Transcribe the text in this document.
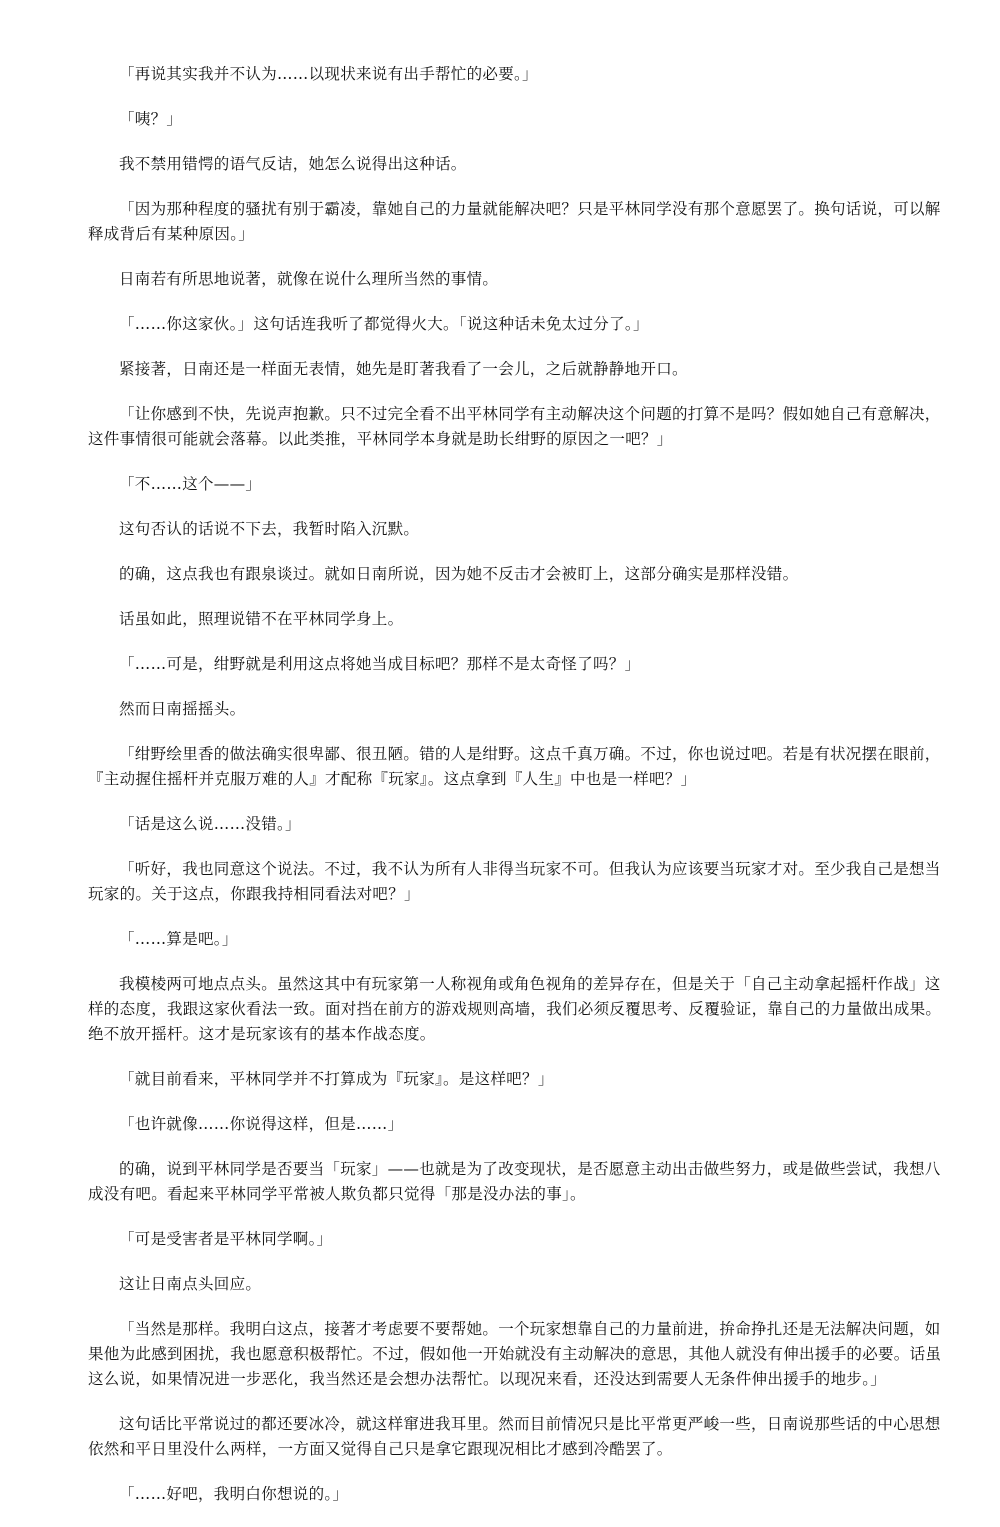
「再说其实我并不认为……以现状来说有出手帮忙的必要。」

「咦？」

我不禁用错愕的语气反诘，她怎么说得出这种话。

「因为那种程度的骚扰有别于霸凌，靠她自己的力量就能解决吧？只是平林同学没有那个意愿罢了。换句话说，可以解释成背后有某种原因。」

日南若有所思地说著，就像在说什么理所当然的事情。

「……你这家伙。」这句话连我听了都觉得火大。「说这种话未免太过分了。」

紧接著，日南还是一样面无表情，她先是盯著我看了一会儿，之后就静静地开口。

「让你感到不快，先说声抱歉。只不过完全看不出平林同学有主动解决这个问题的打算不是吗？假如她自己有意解决，这件事情很可能就会落幕。以此类推，平林同学本身就是助长绀野的原因之一吧？」

「不……这个——」

这句否认的话说不下去，我暂时陷入沉默。

的确，这点我也有跟泉谈过。就如日南所说，因为她不反击才会被盯上，这部分确实是那样没错。

话虽如此，照理说错不在平林同学身上。

「……可是，绀野就是利用这点将她当成目标吧？那样不是太奇怪了吗？」

然而日南摇摇头。

「绀野绘里香的做法确实很卑鄙、很丑陋。错的人是绀野。这点千真万确。不过，你也说过吧。若是有状况摆在眼前，『主动握住摇杆并克服万难的人』才配称『玩家』。这点拿到『人生』中也是一样吧？」

「话是这么说……没错。」

「听好，我也同意这个说法。不过，我不认为所有人非得当玩家不可。但我认为应该要当玩家才对。至少我自己是想当玩家的。关于这点，你跟我持相同看法对吧？」

「……算是吧。」

我模棱两可地点点头。虽然这其中有玩家第一人称视角或角色视角的差异存在，但是关于「自己主动拿起摇杆作战」这样的态度，我跟这家伙看法一致。面对挡在前方的游戏规则高墙，我们必须反覆思考、反覆验证，靠自己的力量做出成果。绝不放开摇杆。这才是玩家该有的基本作战态度。

「就目前看来，平林同学并不打算成为『玩家』。是这样吧？」

「也许就像……你说得这样，但是……」

的确，说到平林同学是否要当「玩家」——也就是为了改变现状，是否愿意主动出击做些努力，或是做些尝试，我想八成没有吧。看起来平林同学平常被人欺负都只觉得「那是没办法的事」。

「可是受害者是平林同学啊。」

这让日南点头回应。

「当然是那样。我明白这点，接著才考虑要不要帮她。一个玩家想靠自己的力量前进，拚命挣扎还是无法解决问题，如果他为此感到困扰，我也愿意积极帮忙。不过，假如他一开始就没有主动解决的意思，其他人就没有伸出援手的必要。话虽这么说，如果情况进一步恶化，我当然还是会想办法帮忙。以现况来看，还没达到需要人无条件伸出援手的地步。」

这句话比平常说过的都还要冰冷，就这样窜进我耳里。然而目前情况只是比平常更严峻一些，日南说那些话的中心思想依然和平日里没什么两样，一方面又觉得自己只是拿它跟现况相比才感到冷酷罢了。

「……好吧，我明白你想说的。」
